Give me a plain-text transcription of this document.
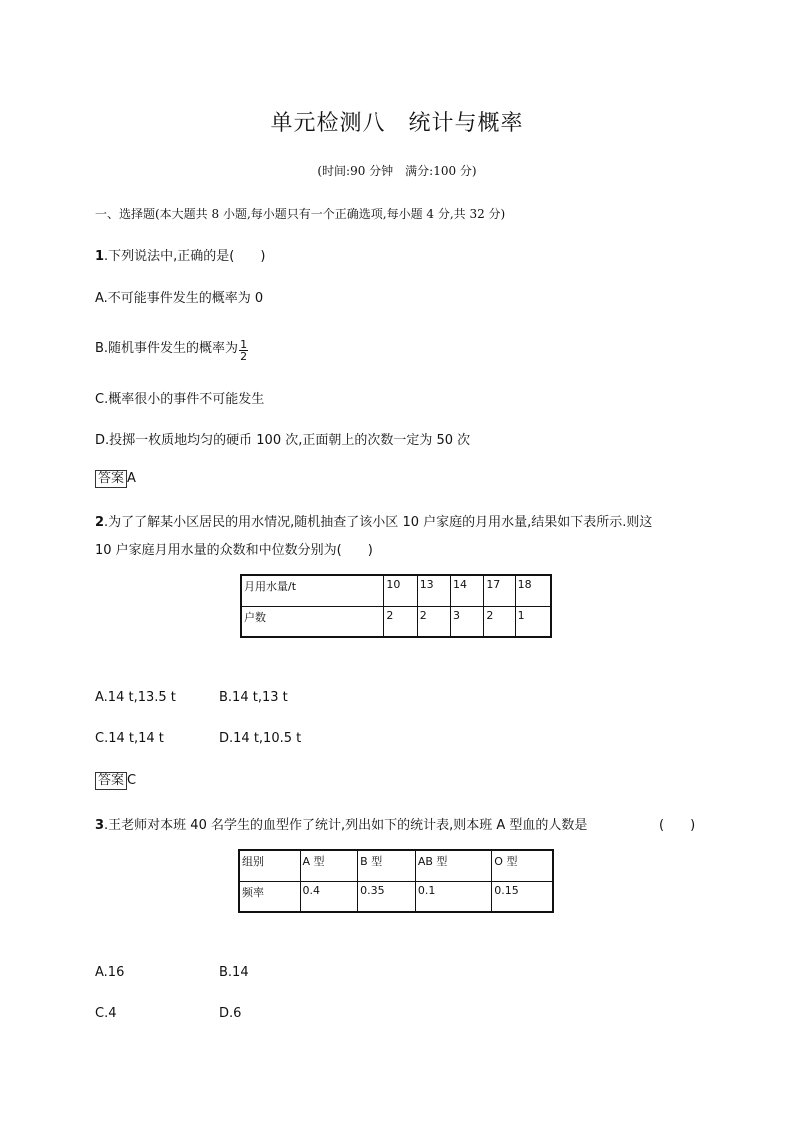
单元检测八　统计与概率
(时间:90 分钟　满分:100 分)
一、选择题(本大题共 8 小题,每小题只有一个正确选项,每小题 4 分,共 32 分)
1.下列说法中,正确的是(　　)
A.不可能事件发生的概率为 0
B.随机事件发生的概率为 $\frac{1}{2}$
C.概率很小的事件不可能发生
D.投掷一枚质地均匀的硬币 100 次,正面朝上的次数一定为 50 次
答案 A
2.为了了解某小区居民的用水情况,随机抽查了该小区 10 户家庭的月用水量,结果如下表所示.则这
10 户家庭月用水量的众数和中位数分别为(　　)
月用水量/t	10	13	14	17	18
户数	2	2	3	2	1
A.14 t,13.5 t	B.14 t,13 t
C.14 t,14 t	D.14 t,10.5 t
答案 C
3.王老师对本班 40 名学生的血型作了统计,列出如下的统计表,则本班 A 型血的人数是	(　　)
组别	A 型	B 型	AB 型	O 型
频率	0.4	0.35	0.1	0.15
A.16	B.14
C.4	D.6
